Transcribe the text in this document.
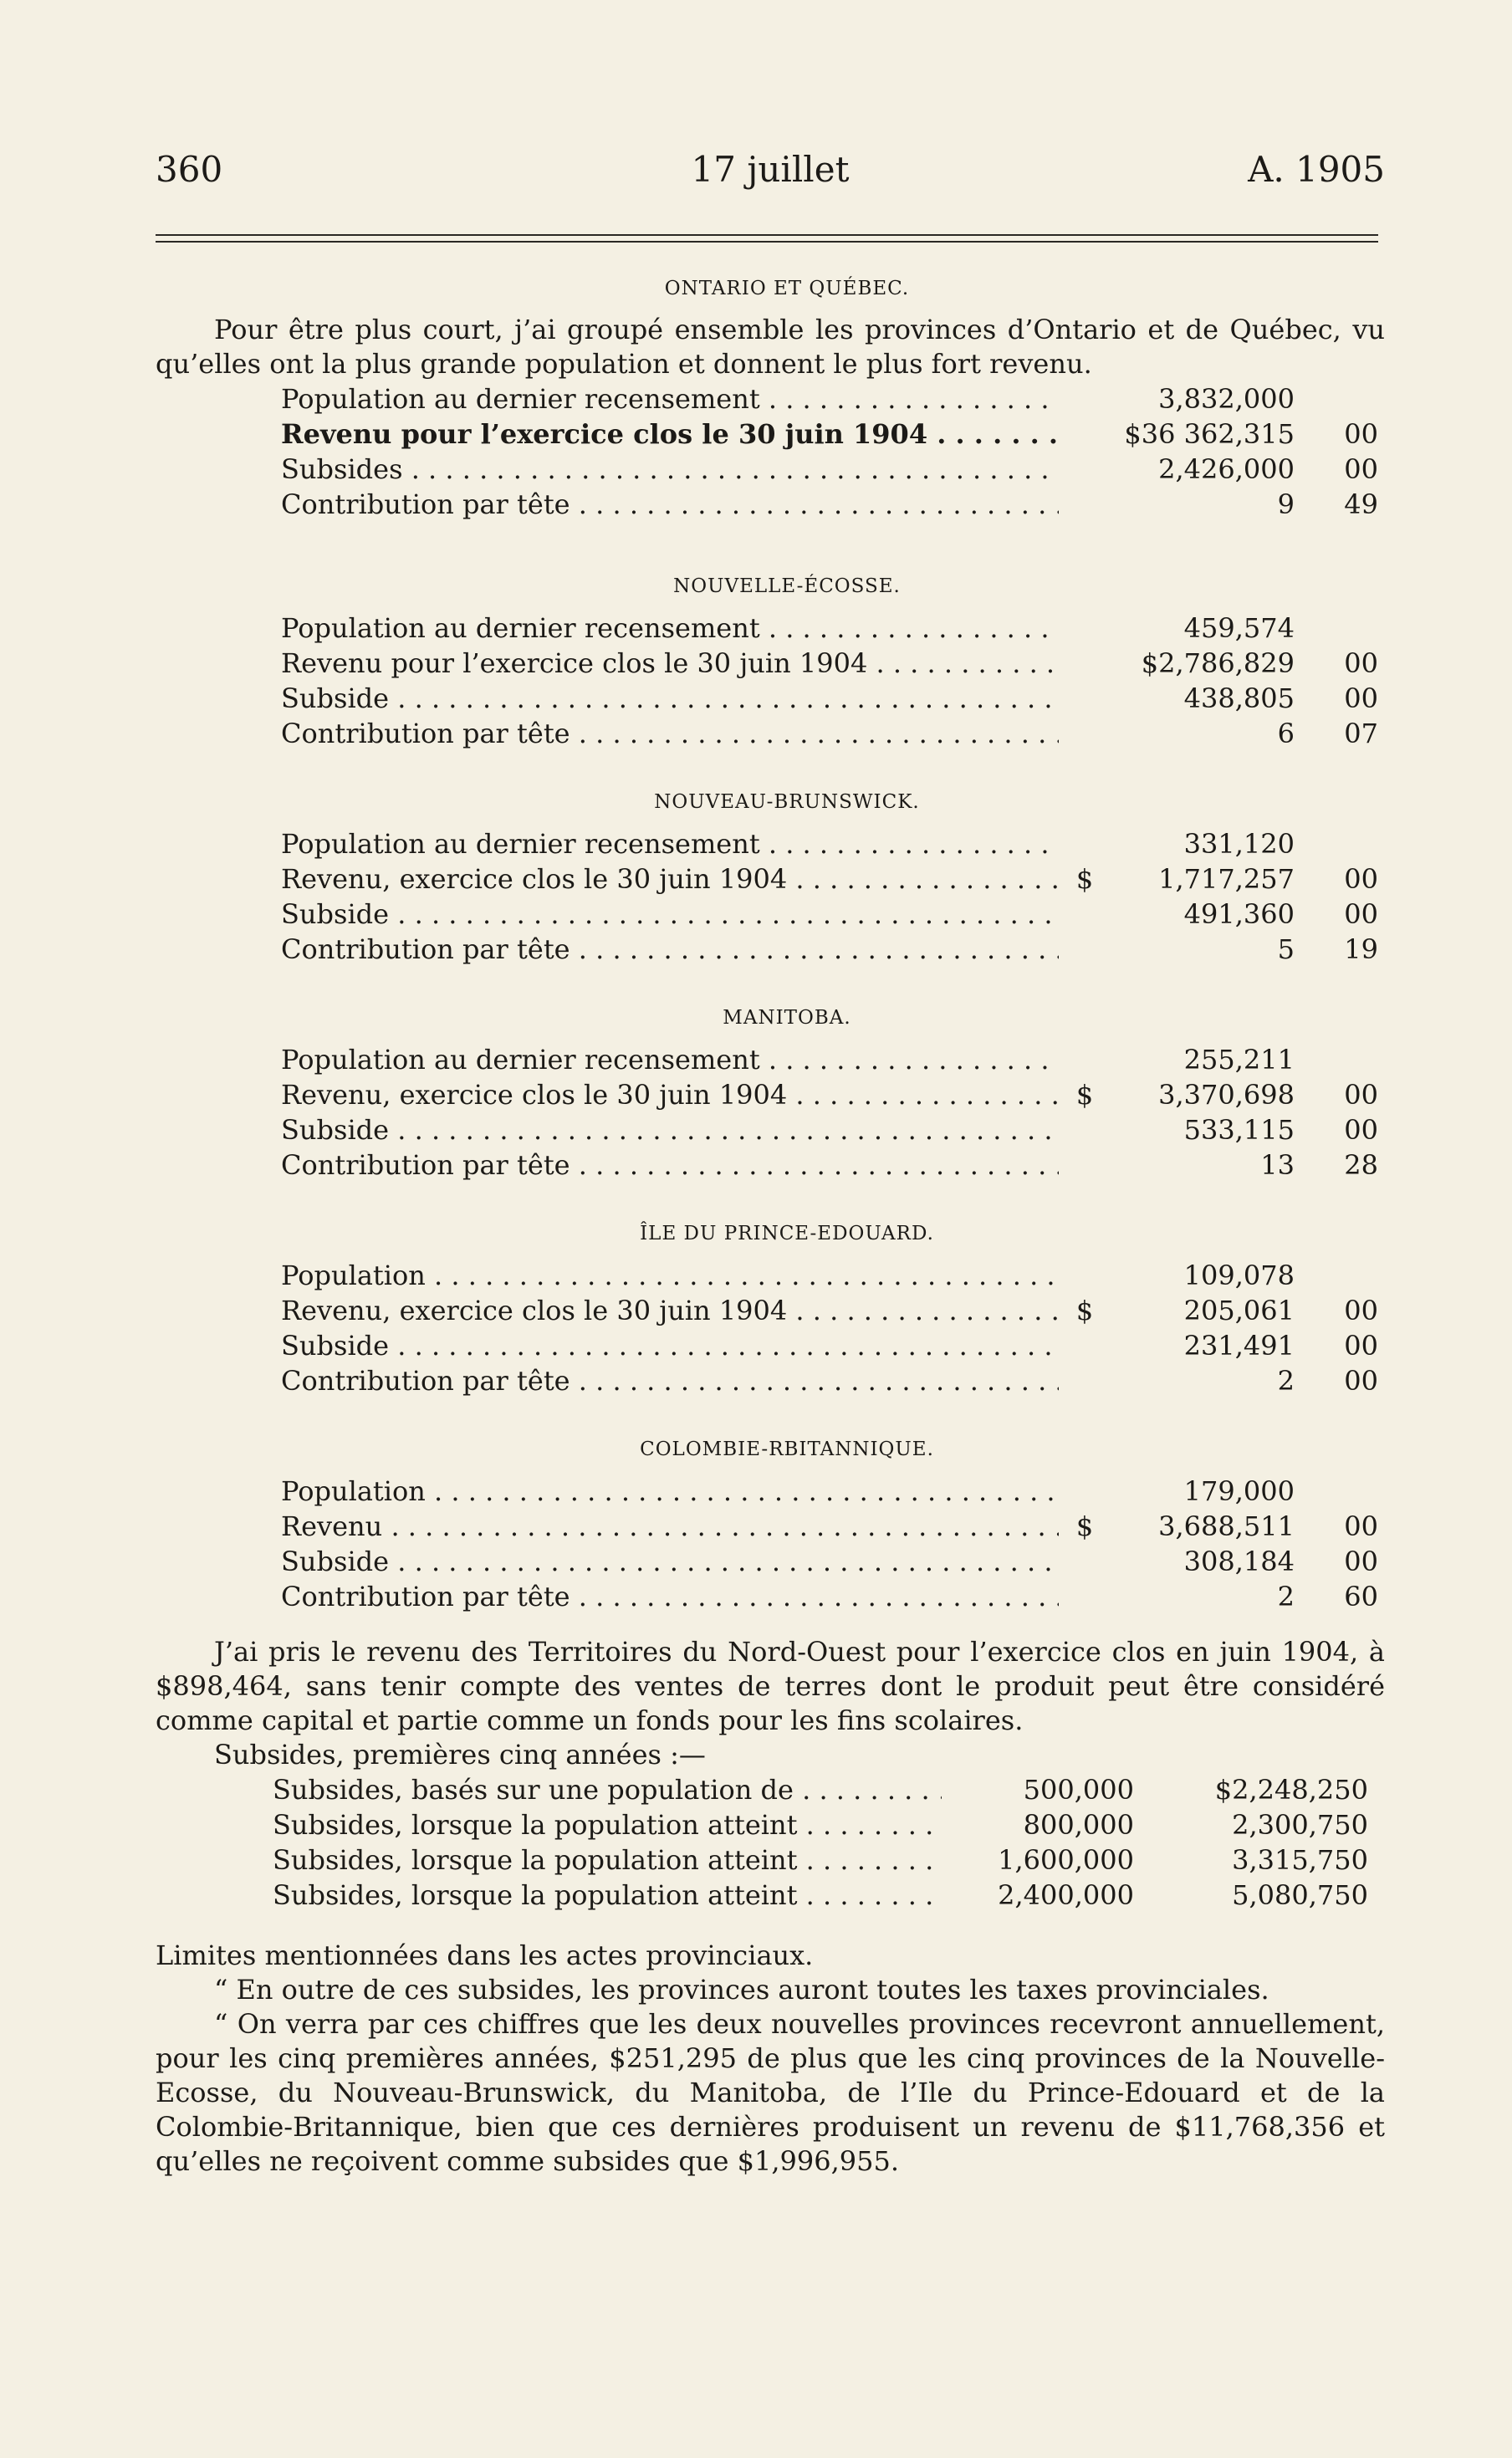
17 juillet
360	A. 1905
ONTARIO ET QUÉBEC.
Pour être plus court, j’ai groupé ensemble les provinces d’Ontario et de Québec, vu qu’elles ont la plus grande population et donnent le plus fort revenu.
Population au dernier recensement . . .	3,832,000
Revenu pour l’exercice clos le 30 juin 1904 . . .	$36 362,315	00
Subsides . . .	2,426,000	00
Contribution par tête . . .	9	49
NOUVELLE-ÉCOSSE.
Population au dernier recensement . . .	459,574
Revenu pour l’exercice clos le 30 juin 1904 . . .	$2,786,829	00
Subside . . .	438,805	00
Contribution par tête . . .	6	07
NOUVEAU-BRUNSWICK.
Population au dernier recensement . . .	331,120
Revenu, exercice clos le 30 juin 1904 . . .	$	1,717,257	00
Subside . . .	491,360	00
Contribution par tête . . .	5	19
MANITOBA.
Population au dernier recensement . . .	255,211
Revenu, exercice clos le 30 juin 1904 . . .	$	3,370,698	00
Subside . . .	533,115	00
Contribution par tête . . .	13	28
ÎLE DU PRINCE-EDOUARD.
Population . . .	109,078
Revenu, exercice clos le 30 juin 1904 . . .	$	205,061	00
Subside . . .	231,491	00
Contribution par tête . . .	2	00
COLOMBIE-RBITANNIQUE.
Population . . .	179,000
Revenu . . .	$	3,688,511	00
Subside . . .	308,184	00
Contribution par tête . . .	2	60
J’ai pris le revenu des Territoires du Nord-Ouest pour l’exercice clos en juin 1904, à $898,464, sans tenir compte des ventes de terres dont le produit peut être considéré comme capital et partie comme un fonds pour les fins scolaires.
Subsides, premières cinq années :—
Subsides, basés sur une population de . . .	500,000	$2,248,250
Subsides, lorsque la population atteint . . .	800,000	2,300,750
Subsides, lorsque la population atteint . . .	1,600,000	3,315,750
Subsides, lorsque la population atteint . . .	2,400,000	5,080,750
Limites mentionnées dans les actes provinciaux.
“ En outre de ces subsides, les provinces auront toutes les taxes provinciales.
“ On verra par ces chiffres que les deux nouvelles provinces recevront annuellement, pour les cinq premières années, $251,295 de plus que les cinq provinces de la Nouvelle-Ecosse, du Nouveau-Brunswick, du Manitoba, de l’Ile du Prince-Edouard et de la Colombie-Britannique, bien que ces dernières produisent un revenu de $11,768,356 et qu’elles ne reçoivent comme subsides que $1,996,955.
